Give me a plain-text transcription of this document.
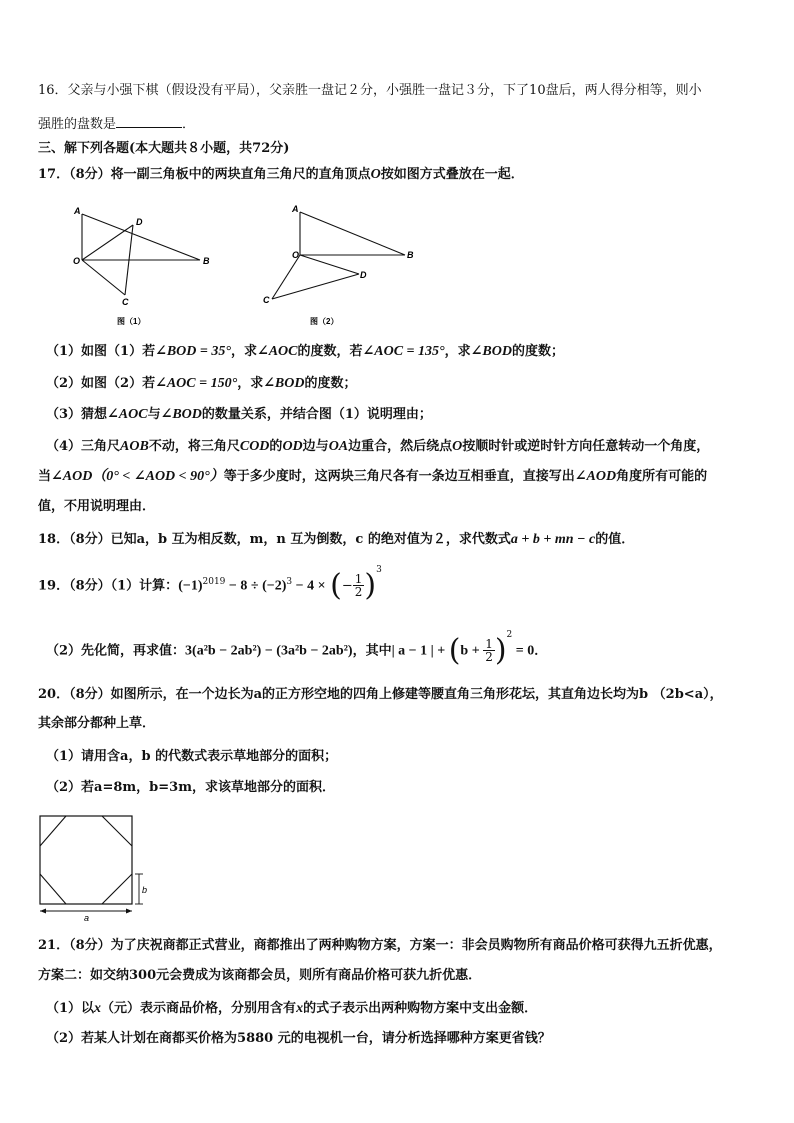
16．父亲与小强下棋（假设没有平局），父亲胜一盘记２分，小强胜一盘记３分，下了10盘后，两人得分相等，则小
强胜的盘数是	．
三、解下列各题(本大题共８小题，共72分)
17．（8分）将一副三角板中的两块直角三角尺的直角顶点O按如图方式叠放在一起．
A
D
O	B
C
图（1）
A
O	B
D
C
图（2）
（1）如图（1）若∠BOD = 35°，求∠AOC的度数，若∠AOC = 135°，求∠BOD的度数；
（2）如图（2）若∠AOC = 150°，求∠BOD的度数；
（3）猜想∠AOC与∠BOD的数量关系，并结合图（1）说明理由；
（4）三角尺AOB不动，将三角尺COD的OD边与OA边重合，然后绕点O按顺时针或逆时针方向任意转动一个角度，
当∠AOD（0° < ∠AOD < 90°）等于多少度时，这两块三角尺各有一条边互相垂直，直接写出∠AOD角度所有可能的
值，不用说明理由．
18．（8分）已知a，b 互为相反数，m，n 互为倒数，c 的绝对值为２，求代数式a + b + mn − c的值．
19．（8分）（1）计算：$(-1)^{2019} - 8 \div (-2)^3 - 4$ × (− $\frac{1}{2} )^3$
（2）先化简，再求值：3(a²b − 2ab²) − (3a²b − 2ab²)，其中| a − 1 | + $(b + \frac{1}{2} )^2 = 0$．
20．（8分）如图所示，在一个边长为a的正方形空地的四角上修建等腰直角三角形花坛，其直角边长均为b （2b<a），
其余部分都种上草．
（1）请用含a，b 的代数式表示草地部分的面积；
（2）若a=8m，b=3m，求该草地部分的面积．
b
a
21．（8分）为了庆祝商都正式营业，商都推出了两种购物方案，方案一：非会员购物所有商品价格可获得九五折优惠，
方案二：如交纳300元会费成为该商都会员，则所有商品价格可获九折优惠．
（1）以x（元）表示商品价格，分别用含有x的式子表示出两种购物方案中支出金额．
（2）若某人计划在商都买价格为5880 元的电视机一台，请分析选择哪种方案更省钱？
